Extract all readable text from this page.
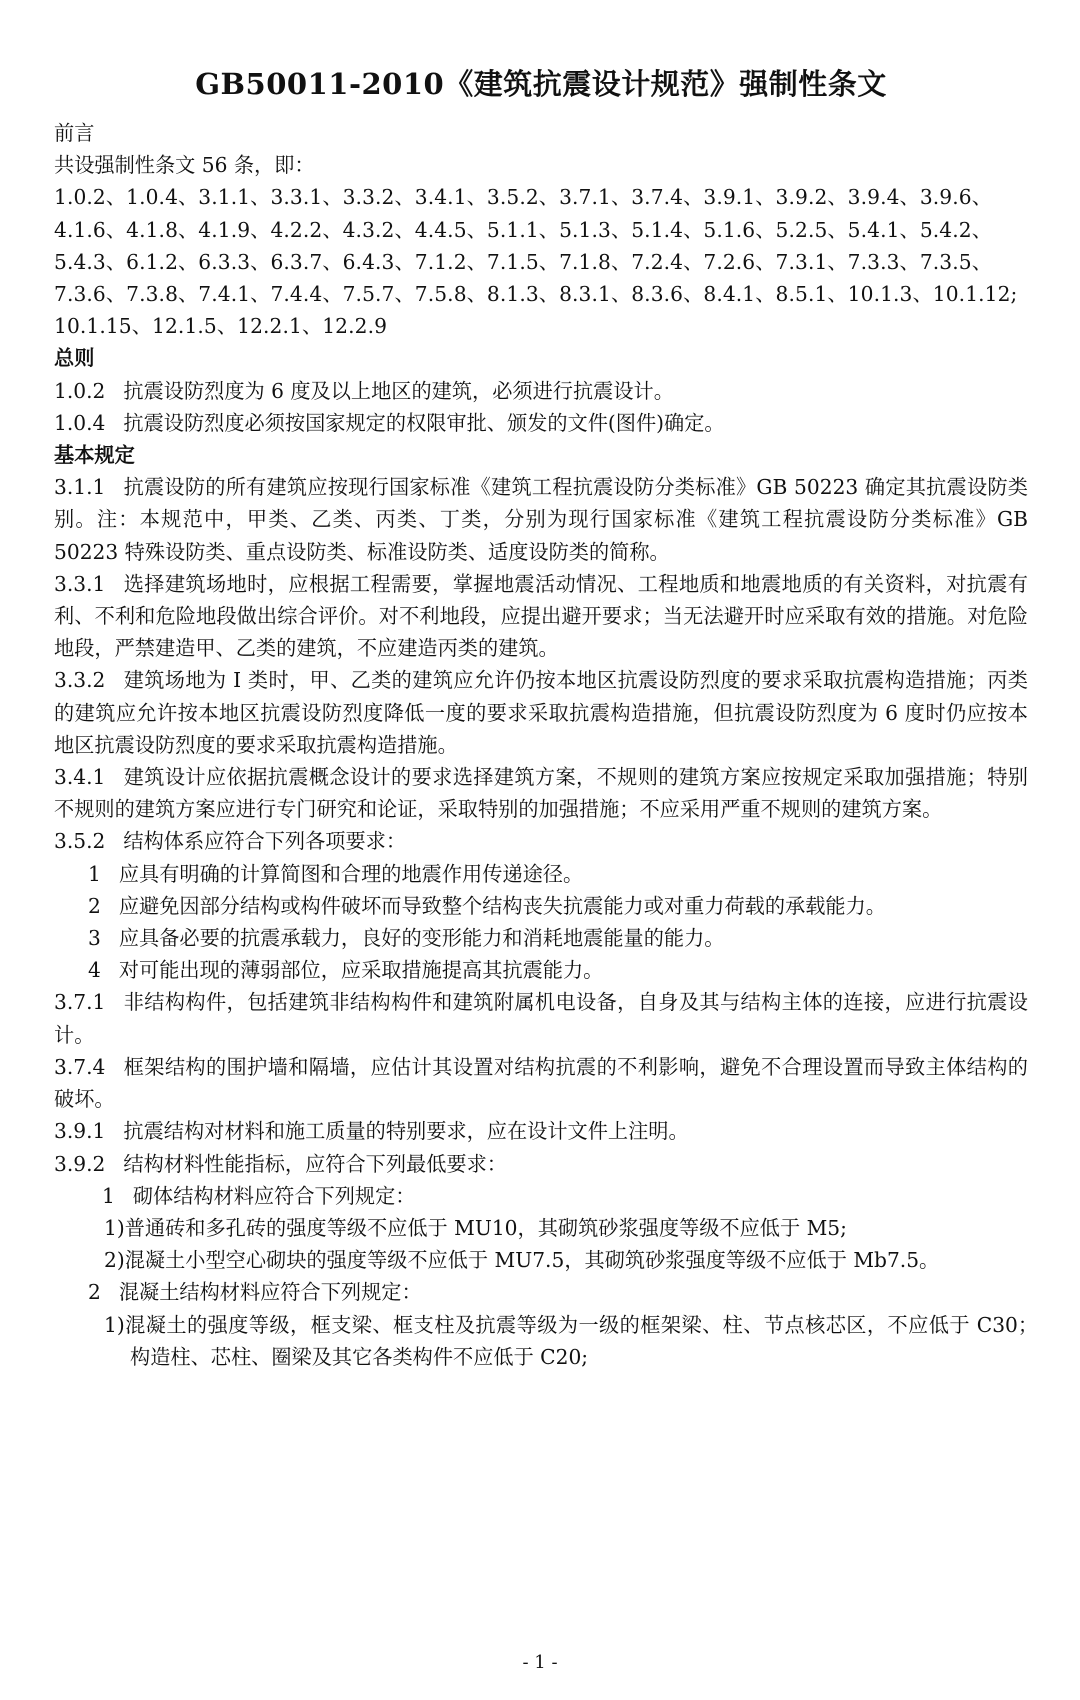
GB50011-2010《建筑抗震设计规范》强制性条文
前言
共设强制性条文 56 条，即：
1.0.2、1.0.4、3.1.1、3.3.1、3.3.2、3.4.1、3.5.2、3.7.1、3.7.4、3.9.1、3.9.2、3.9.4、3.9.6、
4.1.6、4.1.8、4.1.9、4.2.2、4.3.2、4.4.5、5.1.1、5.1.3、5.1.4、5.1.6、5.2.5、5.4.1、5.4.2、
5.4.3、6.1.2、6.3.3、6.3.7、6.4.3、7.1.2、7.1.5、7.1.8、7.2.4、7.2.6、7.3.1、7.3.3、7.3.5、
7.3.6、7.3.8、7.4.1、7.4.4、7.5.7、7.5.8、8.1.3、8.3.1、8.3.6、8.4.1、8.5.1、10.1.3、10.1.12;
10.1.15、12.1.5、12.2.1、12.2.9
总则
1.0.2 抗震设防烈度为 6 度及以上地区的建筑，必须进行抗震设计。
1.0.4 抗震设防烈度必须按国家规定的权限审批、颁发的文件(图件)确定。
基本规定

3.1.1 抗震设防的所有建筑应按现行国家标准《建筑工程抗震设防分类标准》GB 50223 确定其抗震设防类别。注：本规范中，甲类、乙类、丙类、丁类，分别为现行国家标准《建筑工程抗震设防分类标准》GB 50223 特殊设防类、重点设防类、标准设防类、适度设防类的简称。

3.3.1 选择建筑场地时，应根据工程需要，掌握地震活动情况、工程地质和地震地质的有关资料，对抗震有利、不利和危险地段做出综合评价。对不利地段，应提出避开要求；当无法避开时应采取有效的措施。对危险地段，严禁建造甲、乙类的建筑，不应建造丙类的建筑。

3.3.2 建筑场地为 I 类时，甲、乙类的建筑应允许仍按本地区抗震设防烈度的要求采取抗震构造措施；丙类的建筑应允许按本地区抗震设防烈度降低一度的要求采取抗震构造措施，但抗震设防烈度为 6 度时仍应按本地区抗震设防烈度的要求采取抗震构造措施。

3.4.1 建筑设计应依据抗震概念设计的要求选择建筑方案，不规则的建筑方案应按规定采取加强措施；特别不规则的建筑方案应进行专门研究和论证，采取特别的加强措施；不应采用严重不规则的建筑方案。

3.5.2 结构体系应符合下列各项要求：

1 应具有明确的计算简图和合理的地震作用传递途径。

2 应避免因部分结构或构件破坏而导致整个结构丧失抗震能力或对重力荷载的承载能力。

3 应具备必要的抗震承载力，良好的变形能力和消耗地震能量的能力。

4 对可能出现的薄弱部位，应采取措施提高其抗震能力。

3.7.1 非结构构件，包括建筑非结构构件和建筑附属机电设备，自身及其与结构主体的连接，应进行抗震设计。

3.7.4 框架结构的围护墙和隔墙，应估计其设置对结构抗震的不利影响，避免不合理设置而导致主体结构的破坏。

3.9.1 抗震结构对材料和施工质量的特别要求，应在设计文件上注明。
3.9.2 结构材料性能指标，应符合下列最低要求：
1 砌体结构材料应符合下列规定：

1)普通砖和多孔砖的强度等级不应低于 MU10，其砌筑砂浆强度等级不应低于 M5;

2)混凝土小型空心砌块的强度等级不应低于 MU7.5，其砌筑砂浆强度等级不应低于 Mb7.5。

2 混凝土结构材料应符合下列规定：

1)混凝土的强度等级，框支梁、框支柱及抗震等级为一级的框架梁、柱、节点核芯区，不应低于 C30；　构造柱、芯柱、圈梁及其它各类构件不应低于 C20;

- 1 -
